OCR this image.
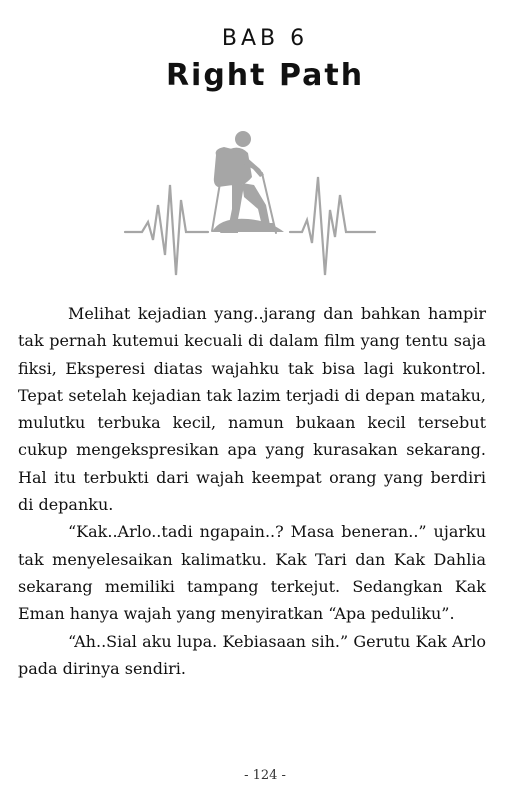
BAB 6
Right Path

Melihat kejadian yang..jarang dan bahkan hampir tak pernah kutemui kecuali di dalam film yang tentu saja fiksi, Eksperesi diatas wajahku tak bisa lagi kukontrol. Tepat setelah kejadian tak lazim terjadi di depan mataku, mulutku terbuka kecil, namun bukaan kecil tersebut cukup mengekspresikan apa yang kurasakan sekarang. Hal itu terbukti dari wajah keempat orang yang berdiri di depanku.

“Kak..Arlo..tadi ngapain..? Masa beneran..” ujarku tak menyelesaikan kalimatku. Kak Tari dan Kak Dahlia sekarang memiliki tampang terkejut. Sedangkan Kak Eman hanya wajah yang menyiratkan “Apa peduliku”.

“Ah..Sial aku lupa. Kebiasaan sih.” Gerutu Kak Arlo pada dirinya sendiri.

- 124 -
